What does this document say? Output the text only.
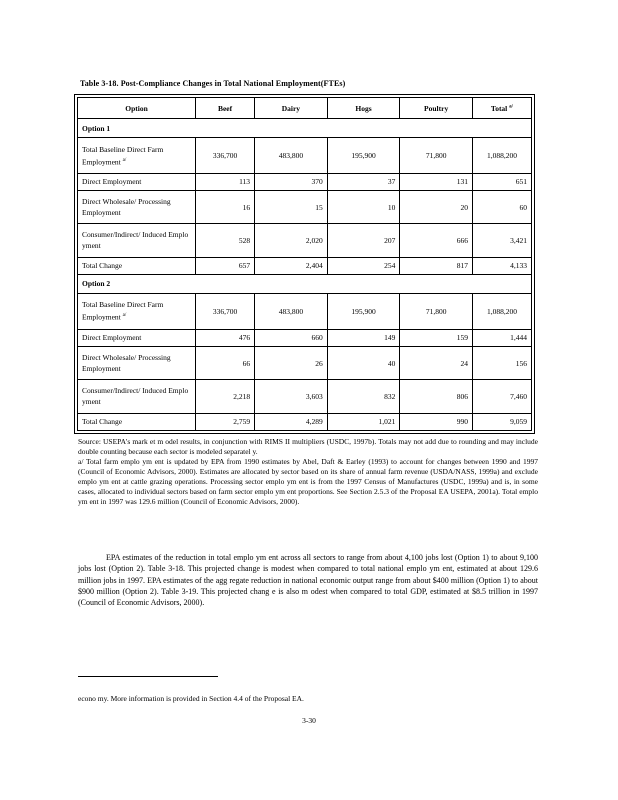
Table 3-18. Post-Compliance Changes in Total National Employment(FTEs)
Option	Beef	Dairy	Hogs	Poultry	Total $^{a/}$
Option 1					
Total Baseline Direct Farm Employment $^{a/}$	336,700	483,800	195,900	71,800	1,088,200
Direct Employment	113	370	37	131	651
Direct Wholesale/ Processing Employment	16	15	10	20	60
Consumer/Indirect/ Induced Emplo yment	528	2,020	207	666	3,421
Total Change	657	2,404	254	817	4,133
Option 2					
Total Baseline Direct Farm Employment $^{a/}$	336,700	483,800	195,900	71,800	1,088,200
Direct Employment	476	660	149	159	1,444
Direct Wholesale/ Processing Employment	66	26	40	24	156
Consumer/Indirect/ Induced Emplo yment	2,218	3,603	832	806	7,460
Total Change	2,759	4,289	1,021	990	9,059

Source: USEPA's mark et m odel results, in conjunction with RIMS II multipliers (USDC, 1997b). Totals may not add due to rounding and may include double counting because each sector is modeled separatel y.

a/ Total farm emplo ym ent is updated by EPA from 1990 estimates by Abel, Daft & Earley (1993) to account for changes between 1990 and 1997 (Council of Economic Advisors, 2000). Estimates are allocated by sector based on its share of annual farm revenue (USDA/NASS, 1999a) and exclude emplo ym ent at cattle grazing operations. Processing sector emplo ym ent is from the 1997 Census of Manufactures (USDC, 1999a) and is, in some cases, allocated to individual sectors based on farm sector emplo ym ent proportions. See Section 2.5.3 of the Proposal EA USEPA, 2001a). Total emplo ym ent in 1997 was 129.6 million (Council of Economic Advisors, 2000).

EPA estimates of the reduction in total emplo ym ent across all sectors to range from about 4,100 jobs lost (Option 1) to about 9,100 jobs lost (Option 2). Table 3-18. This projected change is modest when compared to total national emplo ym ent, estimated at about 129.6 million jobs in 1997. EPA estimates of the agg regate reduction in national economic output range from about $400 million (Option 1) to about $900 million (Option 2). Table 3-19. This projected chang e is also m odest when compared to total GDP, estimated at $8.5 trillion in 1997 (Council of Economic Advisors, 2000).
econo my. More information is provided in Section 4.4 of the Proposal EA.
3-30
